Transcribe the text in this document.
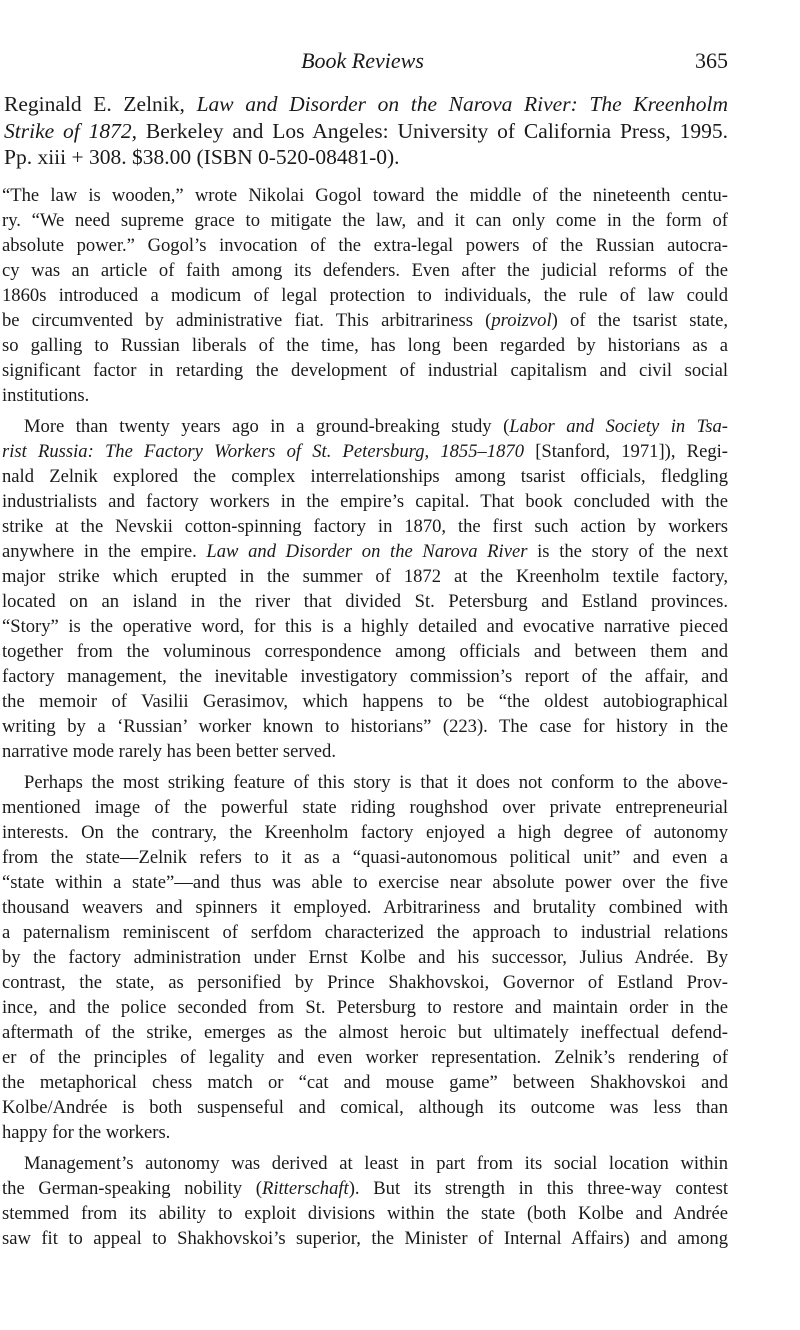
Book Reviews	365
Reginald E. Zelnik, Law and Disorder on the Narova River: The Kreenholm
Strike of 1872, Berkeley and Los Angeles: University of California Press, 1995.
Pp. xiii + 308. $38.00 (ISBN 0-520-08481-0).
“The law is wooden,” wrote Nikolai Gogol toward the middle of the nineteenth centu-
ry. “We need supreme grace to mitigate the law, and it can only come in the form of
absolute power.” Gogol’s invocation of the extra-legal powers of the Russian autocra-
cy was an article of faith among its defenders. Even after the judicial reforms of the
1860s introduced a modicum of legal protection to individuals, the rule of law could
be circumvented by administrative fiat. This arbitrariness (proizvol) of the tsarist state,
so galling to Russian liberals of the time, has long been regarded by historians as a
significant factor in retarding the development of industrial capitalism and civil social
institutions.
More than twenty years ago in a ground-breaking study (Labor and Society in Tsa-
rist Russia: The Factory Workers of St. Petersburg, 1855–1870 [Stanford, 1971]), Regi-
nald Zelnik explored the complex interrelationships among tsarist officials, fledgling
industrialists and factory workers in the empire’s capital. That book concluded with the
strike at the Nevskii cotton-spinning factory in 1870, the first such action by workers
anywhere in the empire. Law and Disorder on the Narova River is the story of the next
major strike which erupted in the summer of 1872 at the Kreenholm textile factory,
located on an island in the river that divided St. Petersburg and Estland provinces.
“Story” is the operative word, for this is a highly detailed and evocative narrative pieced
together from the voluminous correspondence among officials and between them and
factory management, the inevitable investigatory commission’s report of the affair, and
the memoir of Vasilii Gerasimov, which happens to be “the oldest autobiographical
writing by a ‘Russian’ worker known to historians” (223). The case for history in the
narrative mode rarely has been better served.
Perhaps the most striking feature of this story is that it does not conform to the above-
mentioned image of the powerful state riding roughshod over private entrepreneurial
interests. On the contrary, the Kreenholm factory enjoyed a high degree of autonomy
from the state—Zelnik refers to it as a “quasi-autonomous political unit” and even a
“state within a state”—and thus was able to exercise near absolute power over the five
thousand weavers and spinners it employed. Arbitrariness and brutality combined with
a paternalism reminiscent of serfdom characterized the approach to industrial relations
by the factory administration under Ernst Kolbe and his successor, Julius Andrée. By
contrast, the state, as personified by Prince Shakhovskoi, Governor of Estland Prov-
ince, and the police seconded from St. Petersburg to restore and maintain order in the
aftermath of the strike, emerges as the almost heroic but ultimately ineffectual defend-
er of the principles of legality and even worker representation. Zelnik’s rendering of
the metaphorical chess match or “cat and mouse game” between Shakhovskoi and
Kolbe/Andrée is both suspenseful and comical, although its outcome was less than
happy for the workers.
Management’s autonomy was derived at least in part from its social location within
the German-speaking nobility (Ritterschaft). But its strength in this three-way contest
stemmed from its ability to exploit divisions within the state (both Kolbe and Andrée
saw fit to appeal to Shakhovskoi’s superior, the Minister of Internal Affairs) and among
